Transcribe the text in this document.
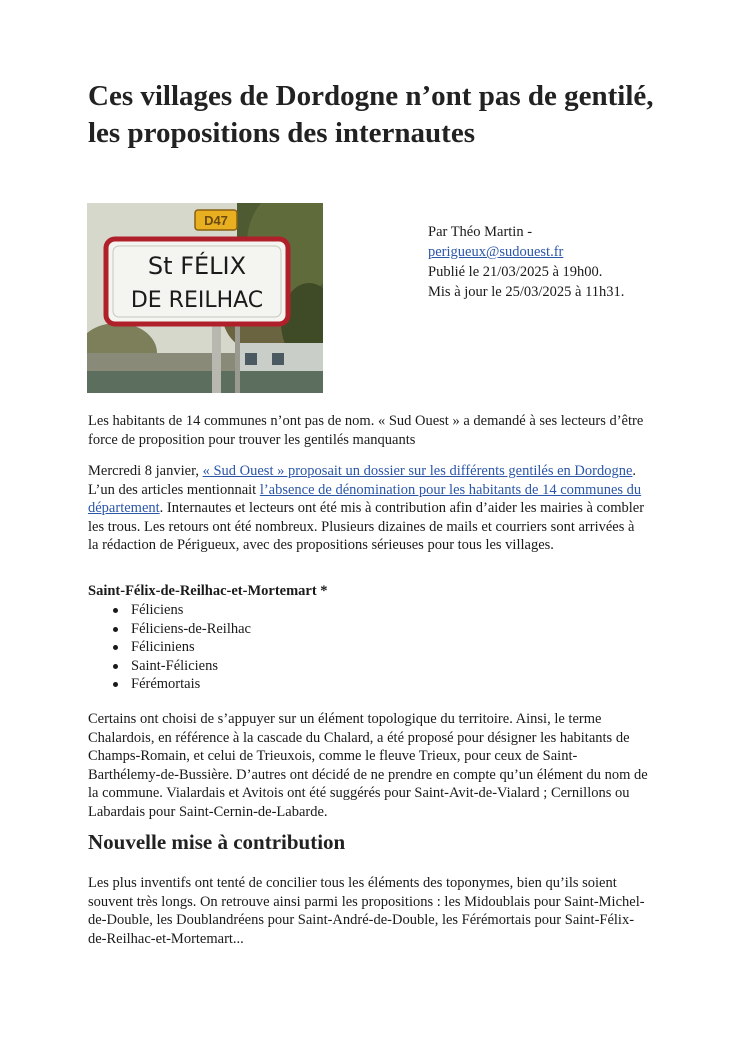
Ces villages de Dordogne n’ont pas de gentilé, les propositions des internautes
D47
St FÉLIX
DE REILHAC
Par Théo Martin -
perigueux@sudouest.fr
Publié le 21/03/2025 à 19h00.
Mis à jour le 25/03/2025 à 11h31.

Les habitants de 14 communes n’ont pas de nom. « Sud Ouest » a demandé à ses lecteurs d’être force de proposition pour trouver les gentilés manquants

Mercredi 8 janvier, « Sud Ouest » proposait un dossier sur les différents gentilés en Dordogne. L’un des articles mentionnait l’absence de dénomination pour les habitants de 14 communes du département. Internautes et lecteurs ont été mis à contribution afin d’aider les mairies à combler les trous. Les retours ont été nombreux. Plusieurs dizaines de mails et courriers sont arrivées à la rédaction de Périgueux, avec des propositions sérieuses pour tous les villages.

Saint-Félix-de-Reilhac-et-Mortemart *

Féliciens
Féliciens-de-Reilhac
Féliciniens
Saint-Féliciens
Férémortais

Certains ont choisi de s’appuyer sur un élément topologique du territoire. Ainsi, le terme Chalardois, en référence à la cascade du Chalard, a été proposé pour désigner les habitants de Champs-Romain, et celui de Trieuxois, comme le fleuve Trieux, pour ceux de Saint-Barthélemy-de-Bussière. D’autres ont décidé de ne prendre en compte qu’un élément du nom de la commune. Vialardais et Avitois ont été suggérés pour Saint-Avit-de-Vialard ; Cernillons ou Labardais pour Saint-Cernin-de-Labarde.

Nouvelle mise à contribution

Les plus inventifs ont tenté de concilier tous les éléments des toponymes, bien qu’ils soient souvent très longs. On retrouve ainsi parmi les propositions : les Midoublais pour Saint-Michel-de-Double, les Doublandréens pour Saint-André-de-Double, les Férémortais pour Saint-Félix-de-Reilhac-et-Mortemart...
